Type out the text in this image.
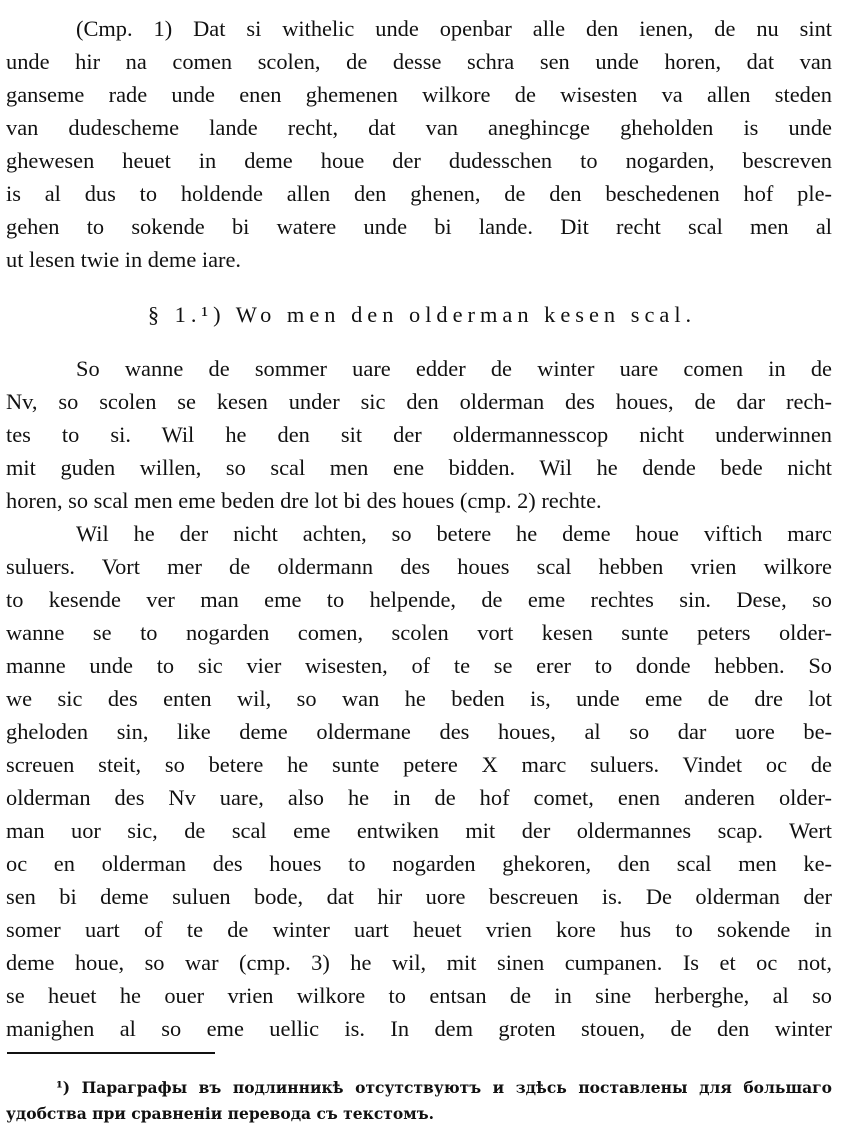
(Cmp. 1) Dat si withelic unde openbar alle den ienen, de nu sint
unde hir na comen scolen, de desse schra sen unde horen, dat van
ganseme rade unde enen ghemenen wilkore de wisesten va allen steden
van dudescheme lande recht, dat van aneghincge gheholden is unde
ghewesen heuet in deme houe der dudesschen to nogarden, bescreven
is al dus to holdende allen den ghenen, de den beschedenen hof ple-
gehen to sokende bi watere unde bi lande. Dit recht scal men al
ut lesen twie in deme iare.
§ 1.¹) Wo men den olderman kesen scal.
So wanne de sommer uare edder de winter uare comen in de
Nv, so scolen se kesen under sic den olderman des houes, de dar rech-
tes to si. Wil he den sit der oldermannesscop nicht underwinnen
mit guden willen, so scal men ene bidden. Wil he dende bede nicht
horen, so scal men eme beden dre lot bi des houes (cmp. 2) rechte.
Wil he der nicht achten, so betere he deme houe viftich marc
suluers. Vort mer de oldermann des houes scal hebben vrien wilkore
to kesende ver man eme to helpende, de eme rechtes sin. Dese, so
wanne se to nogarden comen, scolen vort kesen sunte peters older-
manne unde to sic vier wisesten, of te se erer to donde hebben. So
we sic des enten wil, so wan he beden is, unde eme de dre lot
gheloden sin, like deme oldermane des houes, al so dar uore be-
screuen steit, so betere he sunte petere X marc suluers. Vindet oc de
olderman des Nv uare, also he in de hof comet, enen anderen older-
man uor sic, de scal eme entwiken mit der oldermannes scap. Wert
oc en olderman des houes to nogarden ghekoren, den scal men ke-
sen bi deme suluen bode, dat hir uore bescreuen is. De olderman der
somer uart of te de winter uart heuet vrien kore hus to sokende in
deme houe, so war (cmp. 3) he wil, mit sinen cumpanen. Is et oc not,
se heuet he ouer vrien wilkore to entsan de in sine herberghe, al so
manighen al so eme uellic is. In dem groten stouen, de den winter
¹) Параграфы въ подлинникѣ отсутствуютъ и здѣсь поставлены для большаго
удобства при сравненіи перевода съ текстомъ.
